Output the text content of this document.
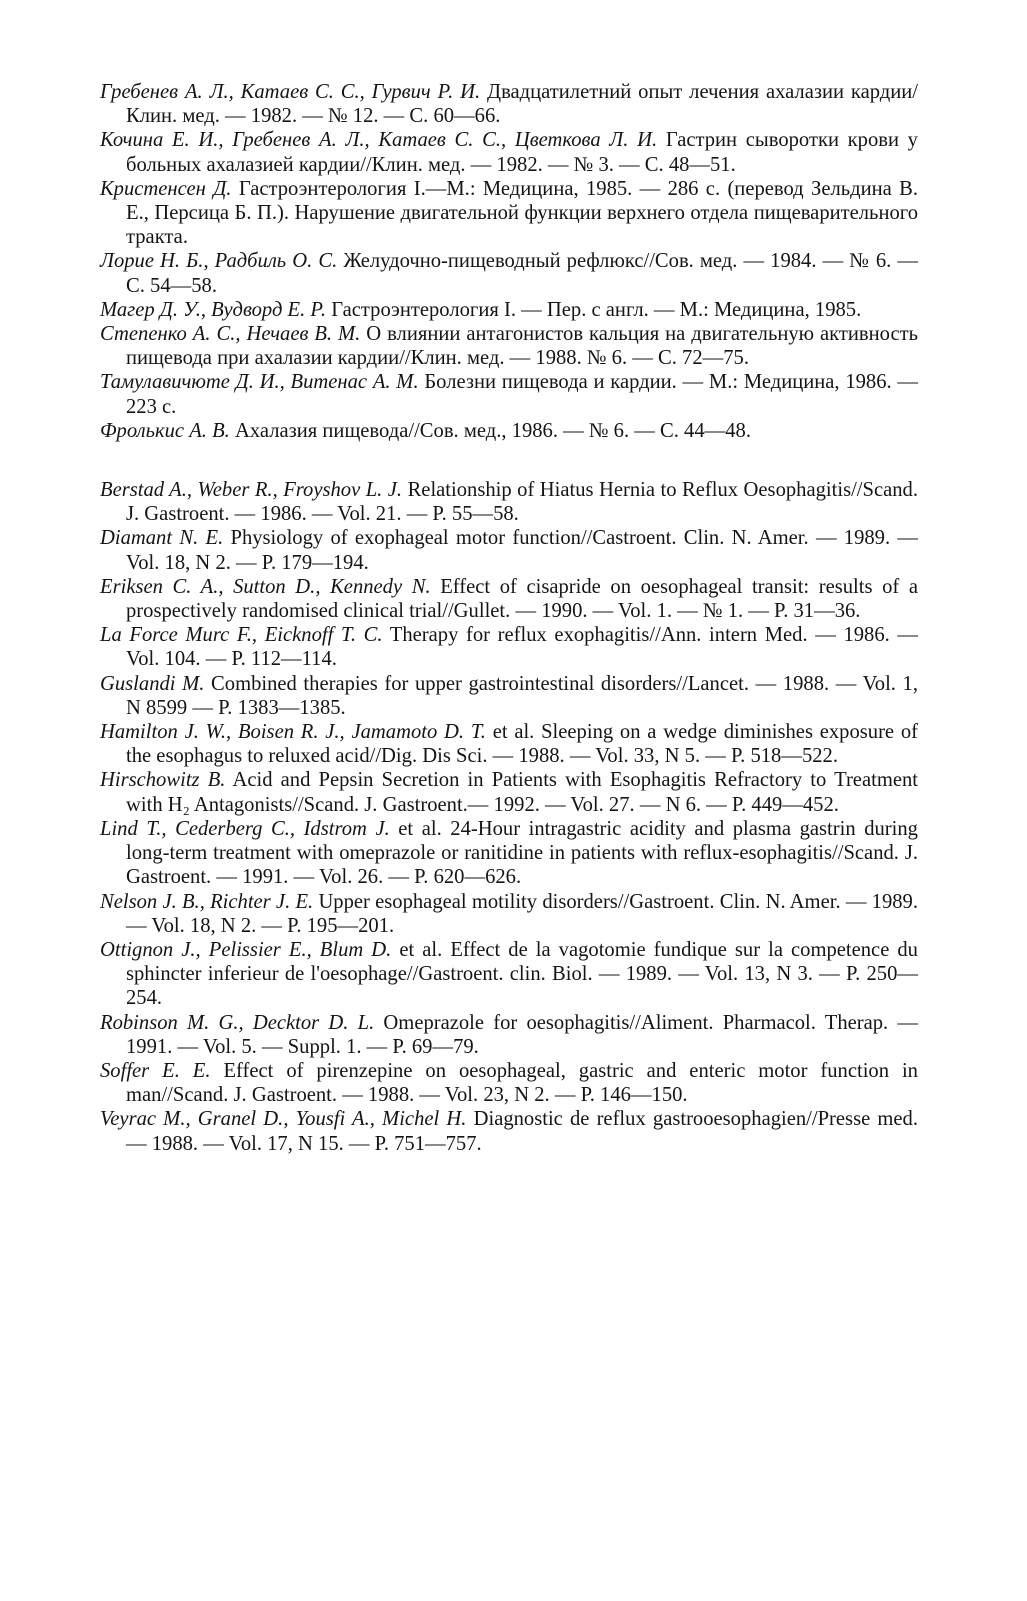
Гребенев А. Л., Катаев С. С., Гурвич Р. И. Двадцатилетний опыт лечения ахалазии кардии/Клин. мед. — 1982. — № 12. — С. 60—66.

Кочина Е. И., Гребенев А. Л., Катаев С. С., Цветкова Л. И. Гастрин сыворотки крови у больных ахалазией кардии//Клин. мед. — 1982. — № 3. — С. 48—51.

Кристенсен Д. Гастроэнтерология I.—М.: Медицина, 1985. — 286 с. (перевод Зельдина В. Е., Персица Б. П.). Нарушение двигательной функции верхнего отдела пищеварительного тракта.

Лорие Н. Б., Радбиль О. С. Желудочно-пищеводный рефлюкс//Сов. мед. — 1984. — № 6. — С. 54—58.

Магер Д. У., Вудворд Е. Р. Гастроэнтерология I. — Пер. с англ. — М.: Медицина, 1985.

Степенко А. С., Нечаев В. М. О влиянии антагонистов кальция на двигательную активность пищевода при ахалазии кардии//Клин. мед. — 1988. № 6. — С. 72—75.

Тамулавичюте Д. И., Витенас А. М. Болезни пищевода и кардии. — М.: Медицина, 1986. — 223 с.

Фролькис А. В. Ахалазия пищевода//Сов. мед., 1986. — № 6. — С. 44—48.

Berstad A., Weber R., Froyshov L. J. Relationship of Hiatus Hernia to Reflux Oesophagitis//Scand. J. Gastroent. — 1986. — Vol. 21. — P. 55—58.

Diamant N. E. Physiology of exophageal motor function//Castroent. Clin. N. Amer. — 1989. — Vol. 18, N 2. — P. 179—194.

Eriksen C. A., Sutton D., Kennedy N. Effect of cisapride on oesophageal transit: results of a prospectively randomised clinical trial//Gullet. — 1990. — Vol. 1. — № 1. — P. 31—36.

La Force Murc F., Eicknoff T. C. Therapy for reflux exophagitis//Ann. intern Med. — 1986. — Vol. 104. — P. 112—114.

Guslandi M. Combined therapies for upper gastrointestinal disorders//Lancet. — 1988. — Vol. 1, N 8599 — P. 1383—1385.

Hamilton J. W., Boisen R. J., Jamamoto D. T. et al. Sleeping on a wedge diminishes exposure of the esophagus to reluxed acid//Dig. Dis Sci. — 1988. — Vol. 33, N 5. — P. 518—522.

Hirschowitz B. Acid and Pepsin Secretion in Patients with Esophagitis Refractory to Treatment with H₂ Antagonists//Scand. J. Gastroent.— 1992. — Vol. 27. — N 6. — P. 449—452.

Lind T., Cederberg C., Idstrom J. et al. 24-Hour intragastric acidity and plasma gastrin during long-term treatment with omeprazole or ranitidine in patients with reflux-esophagitis//Scand. J. Gastroent. — 1991. — Vol. 26. — P. 620—626.

Nelson J. B., Richter J. E. Upper esophageal motility disorders//Gastroent. Clin. N. Amer. — 1989. — Vol. 18, N 2. — P. 195—201.

Ottignon J., Pelissier E., Blum D. et al. Effect de la vagotomie fundique sur la competence du sphincter inferieur de l'oesophage//Gastroent. clin. Biol. — 1989. — Vol. 13, N 3. — P. 250—254.

Robinson M. G., Decktor D. L. Omeprazole for oesophagitis//Aliment. Pharmacol. Therap. — 1991. — Vol. 5. — Suppl. 1. — P. 69—79.

Soffer E. E. Effect of pirenzepine on oesophageal, gastric and enteric motor function in man//Scand. J. Gastroent. — 1988. — Vol. 23, N 2. — P. 146—150.

Veyrac M., Granel D., Yousfi A., Michel H. Diagnostic de reflux gastrooesophagien//Presse med. — 1988. — Vol. 17, N 15. — P. 751—757.
